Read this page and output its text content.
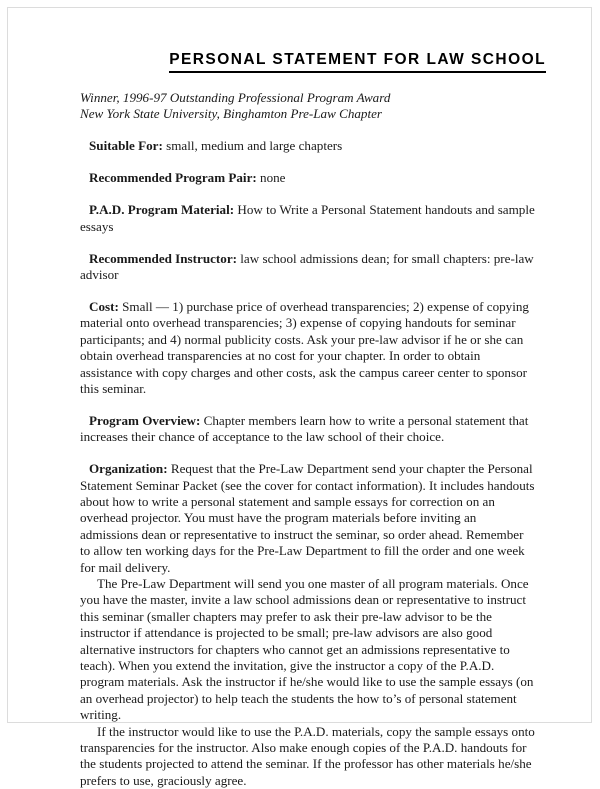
PERSONAL STATEMENT FOR LAW SCHOOL
Winner, 1996-97 Outstanding Professional Program Award
New York State University, Binghamton Pre-Law Chapter

Suitable For: small, medium and large chapters

Recommended Program Pair: none

P.A.D. Program Material: How to Write a Personal Statement handouts and sample essays

Recommended Instructor: law school admissions dean; for small chapters: pre-law advisor

Cost: Small — 1) purchase price of overhead transparencies; 2) expense of copying material onto overhead transparencies; 3) expense of copying handouts for seminar participants; and 4) normal publicity costs. Ask your pre-law advisor if he or she can obtain overhead transparencies at no cost for your chapter. In order to obtain assistance with copy charges and other costs, ask the campus career center to sponsor this seminar.

Program Overview: Chapter members learn how to write a personal statement that increases their chance of acceptance to the law school of their choice.

Organization: Request that the Pre-Law Department send your chapter the Personal Statement Seminar Packet (see the cover for contact information). It includes handouts about how to write a personal statement and sample essays for correction on an overhead projector. You must have the program materials before inviting an admissions dean or representative to instruct the seminar, so order ahead. Remember to allow ten working days for the Pre-Law Department to fill the order and one week for mail delivery.

The Pre-Law Department will send you one master of all program materials. Once you have the master, invite a law school admissions dean or representative to instruct this seminar (smaller chapters may prefer to ask their pre-law advisor to be the instructor if attendance is projected to be small; pre-law advisors are also good alternative instructors for chapters who cannot get an admissions representative to teach). When you extend the invitation, give the instructor a copy of the P.A.D. program materials. Ask the instructor if he/she would like to use the sample essays (on an overhead projector) to help teach the students the how to’s of personal statement writing.

If the instructor would like to use the P.A.D. materials, copy the sample essays onto transparencies for the instructor. Also make enough copies of the P.A.D. handouts for the students projected to attend the seminar. If the professor has other materials he/she prefers to use, graciously agree.
